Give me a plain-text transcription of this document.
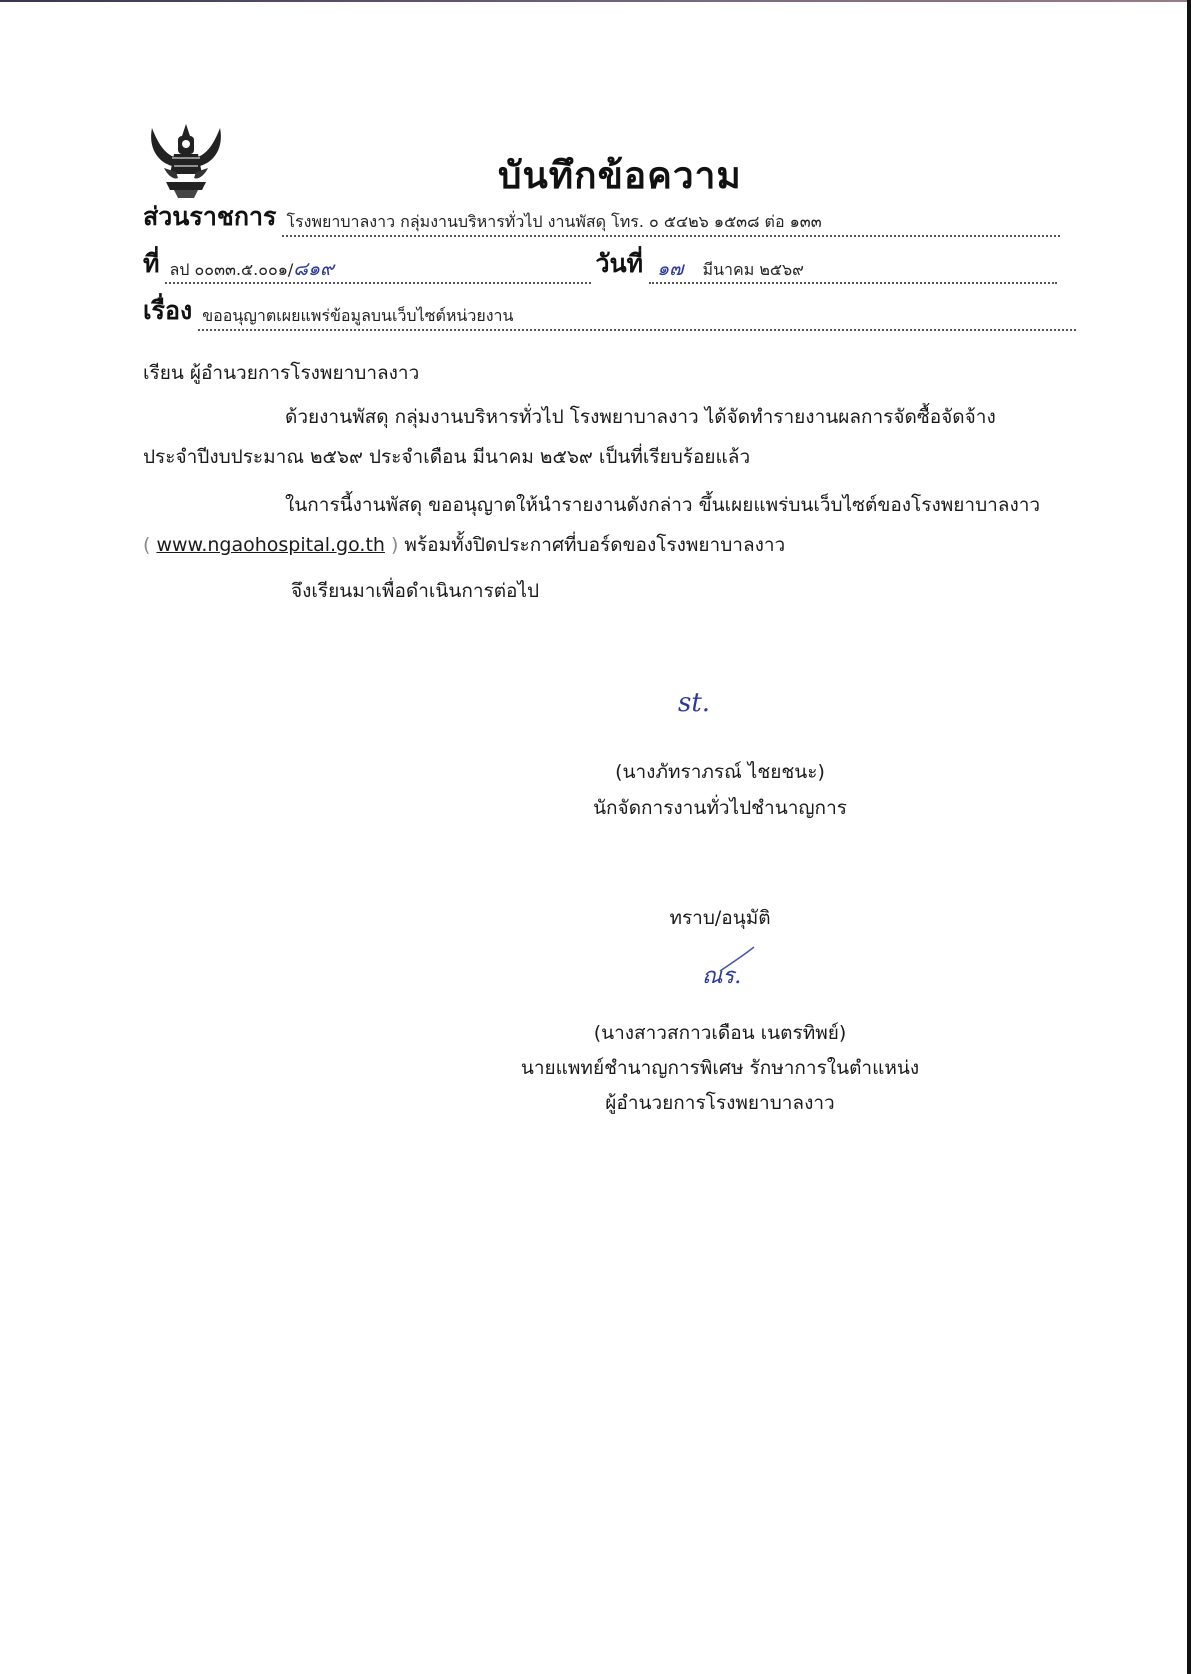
บันทึกข้อความ
ส่วนราชการ โรงพยาบาลงาว กลุ่มงานบริหารทั่วไป งานพัสดุ โทร. ๐ ๕๔๒๖ ๑๕๓๘ ต่อ ๑๓๓
ที่ ลป ๐๐๓๓.๕.๐๐๑/๘๑๙	วันที่ ๑๗ มีนาคม ๒๕๖๙
เรื่อง ขออนุญาตเผยแพร่ข้อมูลบนเว็บไซต์หน่วยงาน
เรียน ผู้อำนวยการโรงพยาบาลงาว
ด้วยงานพัสดุ กลุ่มงานบริหารทั่วไป โรงพยาบาลงาว ได้จัดทำรายงานผลการจัดซื้อจัดจ้าง
ประจำปีงบประมาณ ๒๕๖๙ ประจำเดือน มีนาคม ๒๕๖๙ เป็นที่เรียบร้อยแล้ว
ในการนี้งานพัสดุ ขออนุญาตให้นำรายงานดังกล่าว ขึ้นเผยแพร่บนเว็บไซต์ของโรงพยาบาลงาว
( www.ngaohospital.go.th ) พร้อมทั้งปิดประกาศที่บอร์ดของโรงพยาบาลงาว
จึงเรียนมาเพื่อดำเนินการต่อไป
st.
(นางภัทราภรณ์ ไชยชนะ)
นักจัดการงานทั่วไปชำนาญการ
ทราบ/อนุมัติ
ณร.
(นางสาวสกาวเดือน เนตรทิพย์)
นายแพทย์ชำนาญการพิเศษ รักษาการในตำแหน่ง
ผู้อำนวยการโรงพยาบาลงาว
